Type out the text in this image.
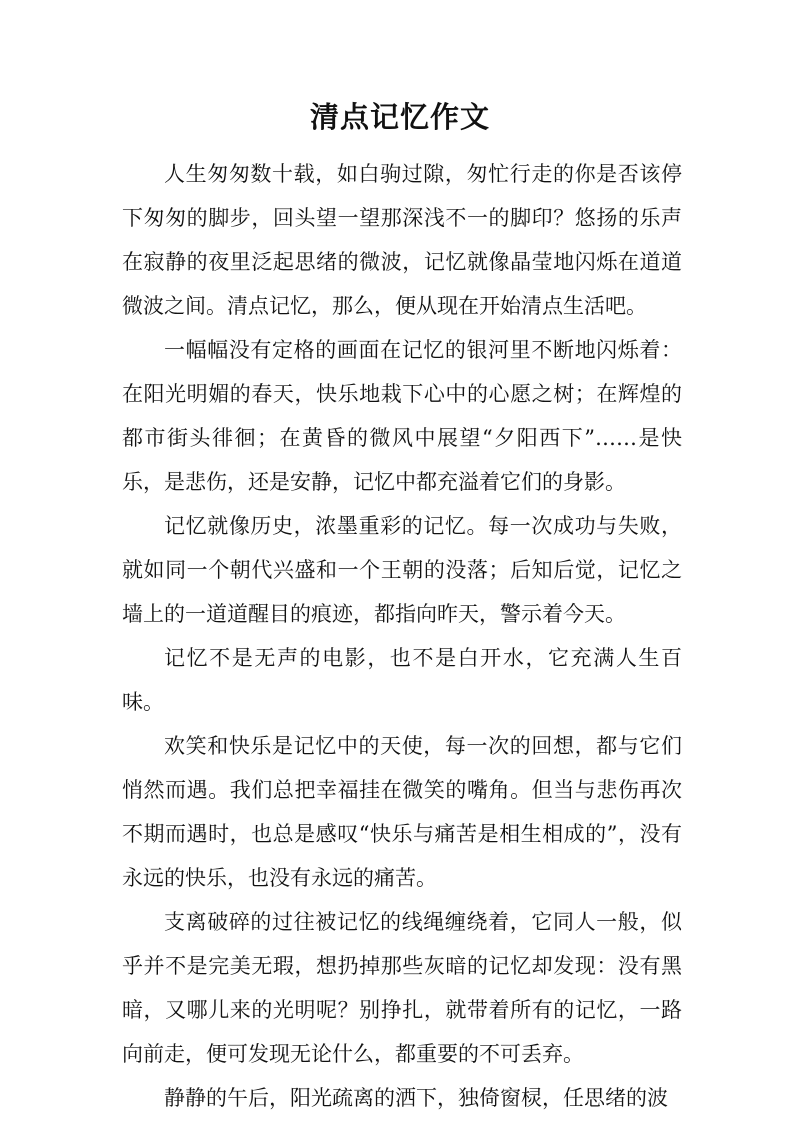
清点记忆作文

人生匆匆数十载，如白驹过隙，匆忙行走的你是否该停下匆匆的脚步，回头望一望那深浅不一的脚印？悠扬的乐声在寂静的夜里泛起思绪的微波，记忆就像晶莹地闪烁在道道微波之间。清点记忆，那么，便从现在开始清点生活吧。

一幅幅没有定格的画面在记忆的银河里不断地闪烁着：在阳光明媚的春天，快乐地栽下心中的心愿之树；在辉煌的都市街头徘徊；在黄昏的微风中展望“夕阳西下”……是快乐，是悲伤，还是安静，记忆中都充溢着它们的身影。

记忆就像历史，浓墨重彩的记忆。每一次成功与失败，就如同一个朝代兴盛和一个王朝的没落；后知后觉，记忆之墙上的一道道醒目的痕迹，都指向昨天，警示着今天。

记忆不是无声的电影，也不是白开水，它充满人生百味。

欢笑和快乐是记忆中的天使，每一次的回想，都与它们悄然而遇。我们总把幸福挂在微笑的嘴角。但当与悲伤再次不期而遇时，也总是感叹“快乐与痛苦是相生相成的”，没有永远的快乐，也没有永远的痛苦。

支离破碎的过往被记忆的线绳缠绕着，它同人一般，似乎并不是完美无瑕，想扔掉那些灰暗的记忆却发现：没有黑暗，又哪儿来的光明呢？别挣扎，就带着所有的记忆，一路向前走，便可发现无论什么，都重要的不可丢弃。

静静的午后，阳光疏离的洒下，独倚窗棂，任思绪的波
